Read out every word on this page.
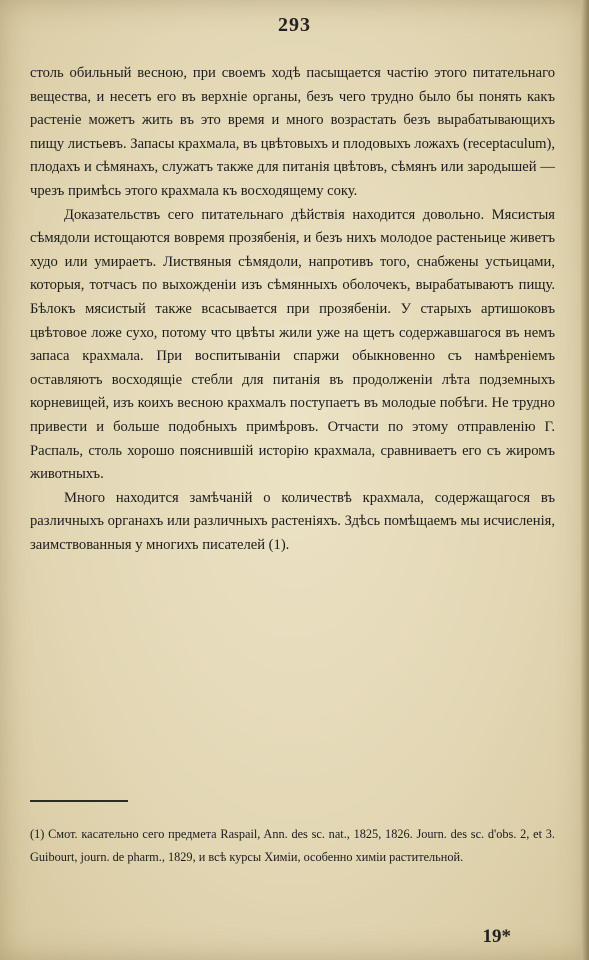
293

столь обильный весною, при своемъ ходѣ пасыщается частію этого питательнаго вещества, и несетъ его въ верхніе органы, безъ чего трудно было бы понять какъ растеніе можетъ жить въ это время и много возрастать безъ вырабатывающихъ пищу листьевъ. Запасы крахмала, въ цвѣтовыхъ и плодовыхъ ложахъ (receptaculum), плодахъ и сѣмянахъ, служатъ также для питанія цвѣтовъ, сѣмянъ или зародышей — чрезъ примѣсь этого крахмала къ восходящему соку.

Доказательствъ сего питательнаго дѣйствія находится довольно. Мясистыя сѣмядоли истощаются вовремя прозябенія, и безъ нихъ молодое растеньице живетъ худо или умираетъ. Листвяныя сѣмядоли, напротивъ того, снабжены устьицами, которыя, тотчасъ по выхожденіи изъ сѣмянныхъ оболочекъ, вырабатываютъ пищу. Бѣлокъ мясистый также всасывается при прозябеніи. У старыхъ артишоковъ цвѣтовое ложе сухо, потому что цвѣты жили уже на щетъ содержавшагося въ немъ запаса крахмала. При воспитываніи спаржи обыкновенно съ намѣреніемъ оставляютъ восходящіе стебли для питанія въ продолженіи лѣта подземныхъ корневищей, изъ коихъ весною крахмалъ поступаетъ въ молодые побѣги. Не трудно привести и больше подобныхъ примѣровъ. Отчасти по этому отправленію Г. Распаль, столь хорошо пояснившій исторію крахмала, сравниваетъ его съ жиромъ животныхъ.

Много находится замѣчаній о количествѣ крахмала, содержащагося въ различныхъ органахъ или различныхъ растеніяхъ. Здѣсь помѣщаемъ мы исчисленія, заимствованныя у многихъ писателей (1).

(1) Смот. касательно сего предмета Raspail, Ann. des sc. nat., 1825, 1826. Journ. des sc. d'obs. 2, et 3. Guibourt, journ. de pharm., 1829, и всѣ курсы Химіи, особенно химіи растительной.
19*
